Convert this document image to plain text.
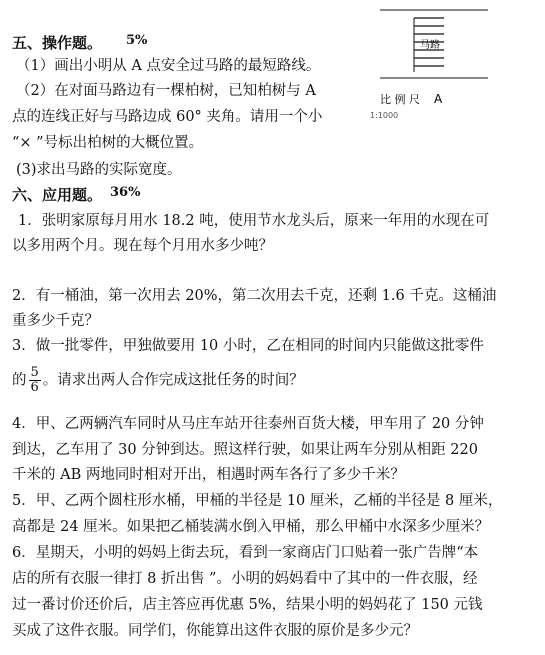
五、操作题。 5%
（1）画出小明从 A 点安全过马路的最短路线。
（2）在对面马路边有一棵柏树，已知柏树与 A
点的连线正好与马路边成 60° 夹角。请用一个小
“× ”号标出柏树的大概位置。
(3)求出马路的实际宽度。
马路
比 例 尺 A
1:1000
六、应用题。 36%
1．张明家原每月用水 18.2 吨，使用节水龙头后，原来一年用的水现在可
以多用两个月。现在每个月用水多少吨？
2．有一桶油，第一次用去 20%，第二次用去千克，还剩 1.6 千克。这桶油
重多少千克？
3．做一批零件，甲独做要用 10 小时，乙在相同的时间内只能做这批零件
的 $\frac{5}{6}$ 。请求出两人合作完成这批任务的时间？
4．甲、乙两辆汽车同时从马庄车站开往泰州百货大楼，甲车用了 20 分钟
到达，乙车用了 30 分钟到达。照这样行驶，如果让两车分别从相距 220
千米的 AB 两地同时相对开出，相遇时两车各行了多少千米？
5．甲、乙两个圆柱形水桶，甲桶的半径是 10 厘米，乙桶的半径是 8 厘米，
高都是 24 厘米。如果把乙桶装满水倒入甲桶，那么甲桶中水深多少厘米？
6．星期天，小明的妈妈上街去玩，看到一家商店门口贴着一张广告牌“本
店的所有衣服一律打 8 折出售 ”。小明的妈妈看中了其中的一件衣服，经
过一番讨价还价后，店主答应再优惠 5%，结果小明的妈妈花了 150 元钱
买成了这件衣服。同学们，你能算出这件衣服的原价是多少元？
